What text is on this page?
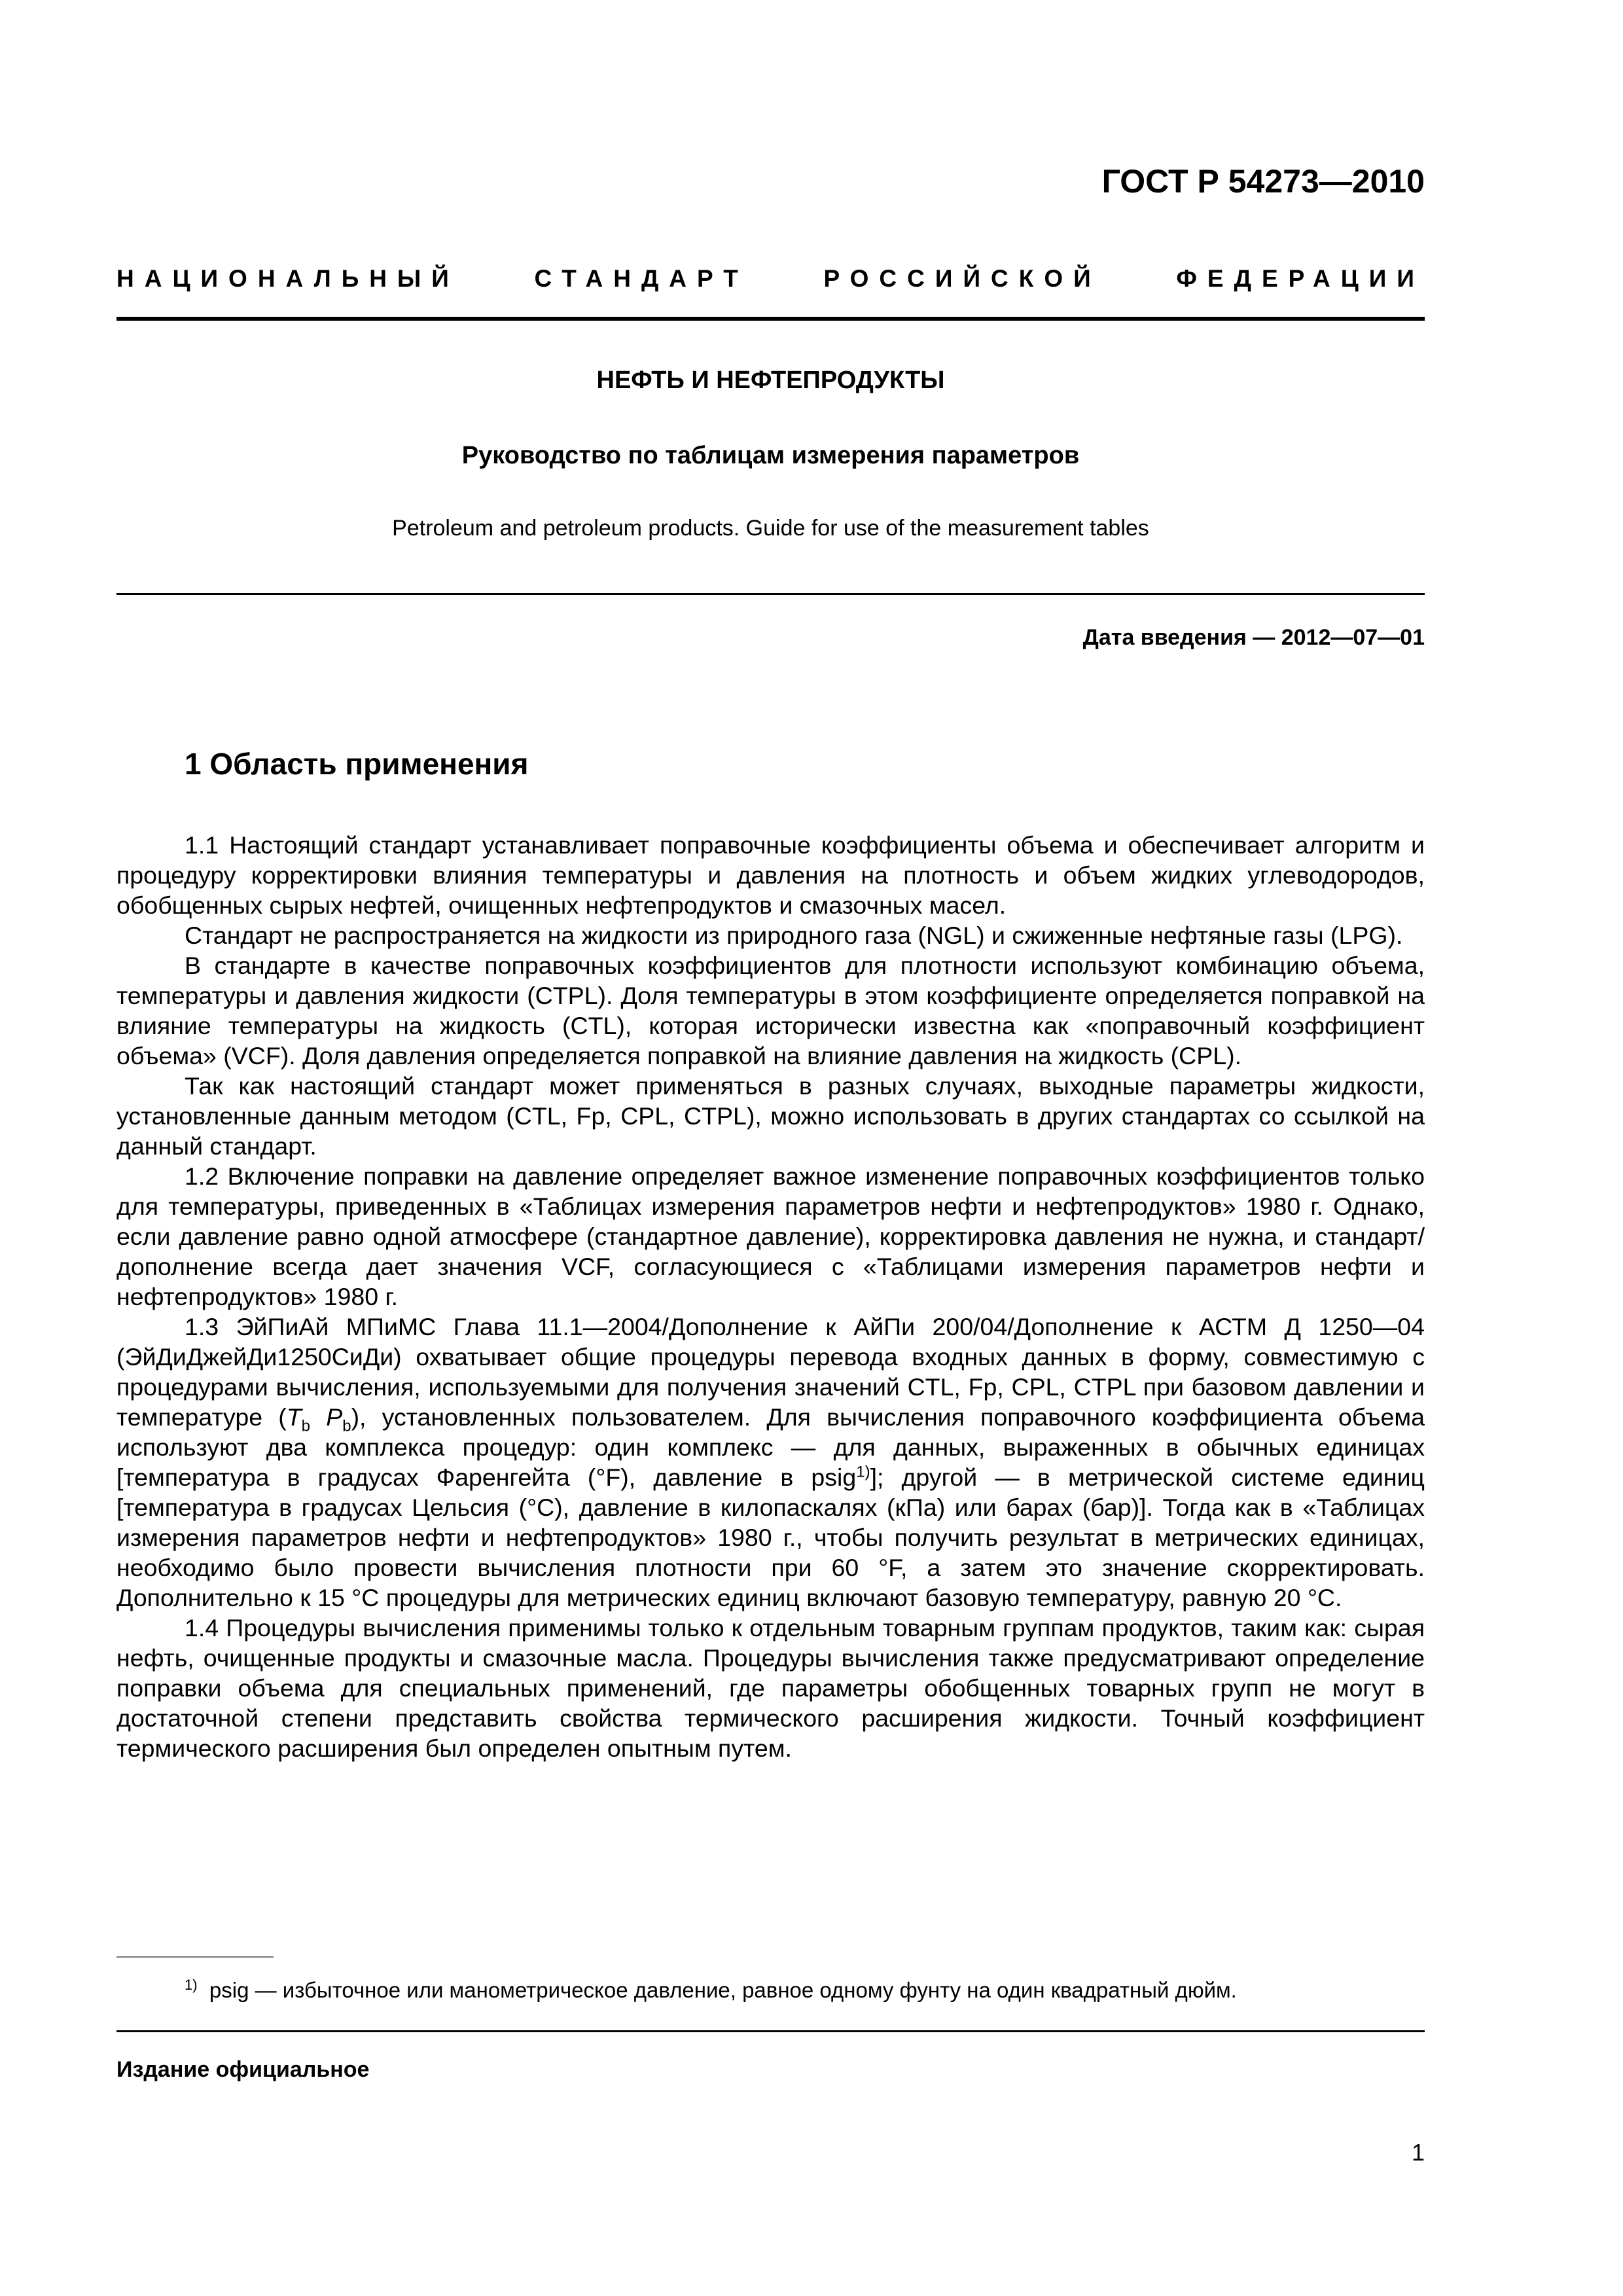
ГОСТ Р 54273—2010
НАЦИОНАЛЬНЫЙ	СТАНДАРТ	РОССИЙСКОЙ	ФЕДЕРАЦИИ
НЕФТЬ И НЕФТЕПРОДУКТЫ
Руководство по таблицам измерения параметров
Petroleum and petroleum products. Guide for use of the measurement tables
Дата введения — 2012—07—01
1 Область применения

1.1 Настоящий стандарт устанавливает поправочные коэффициенты объема и обеспечивает алгоритм и процедуру корректировки влияния температуры и давления на плотность и объем жидких углеводородов, обобщенных сырых нефтей, очищенных нефтепродуктов и смазочных масел.

Стандарт не распространяется на жидкости из природного газа (NGL) и сжиженные нефтяные газы (LPG).

В стандарте в качестве поправочных коэффициентов для плотности используют комбинацию объема, температуры и давления жидкости (CTPL). Доля температуры в этом коэффициенте определяется поправкой на влияние температуры на жидкость (CTL), которая исторически известна как «поправочный коэффициент объема» (VCF). Доля давления определяется поправкой на влияние давления на жидкость (CPL).

Так как настоящий стандарт может применяться в разных случаях, выходные параметры жидкости, установленные данным методом (CTL, Fp, CPL, CTPL), можно использовать в других стандартах со ссылкой на данный стандарт.

1.2 Включение поправки на давление определяет важное изменение поправочных коэффициентов только для температуры, приведенных в «Таблицах измерения параметров нефти и нефтепродуктов» 1980 г. Однако, если давление равно одной атмосфере (стандартное давление), корректировка давления не нужна, и стандарт/дополнение всегда дает значения VCF, согласующиеся с «Таблицами измерения параметров нефти и нефтепродуктов» 1980 г.

1.3 ЭйПиАй МПиМС Глава 11.1—2004/Дополнение к АйПи 200/04/Дополнение к АСТМ Д 1250—04 (ЭйДиДжейДи1250СиДи) охватывает общие процедуры перевода входных данных в форму, совместимую с процедурами вычисления, используемыми для получения значений CTL, Fp, CPL, CTPL при базовом давлении и температуре ($T_b$ $P_b$), установленных пользователем. Для вычисления поправочного коэффициента объема используют два комплекса процедур: один комплекс — для данных, выраженных в обычных единицах [температура в градусах Фаренгейта (°F), давление в psig$^{1)}$]; другой — в метрической системе единиц [температура в градусах Цельсия (°С), давление в килопаскалях (кПа) или барах (бар)]. Тогда как в «Таблицах измерения параметров нефти и нефтепродуктов» 1980 г., чтобы получить результат в метрических единицах, необходимо было провести вычисления плотности при 60 °F, а затем это значение скорректировать. Дополнительно к 15 °С процедуры для метрических единиц включают базовую температуру, равную 20 °С.

1.4 Процедуры вычисления применимы только к отдельным товарным группам продуктов, таким как: сырая нефть, очищенные продукты и смазочные масла. Процедуры вычисления также предусматривают определение поправки объема для специальных применений, где параметры обобщенных товарных групп не могут в достаточной степени представить свойства термического расширения жидкости. Точный коэффициент термического расширения был определен опытным путем.

$^{1)}$ psig — избыточное или манометрическое давление, равное одному фунту на один квадратный дюйм.
Издание официальное
1
